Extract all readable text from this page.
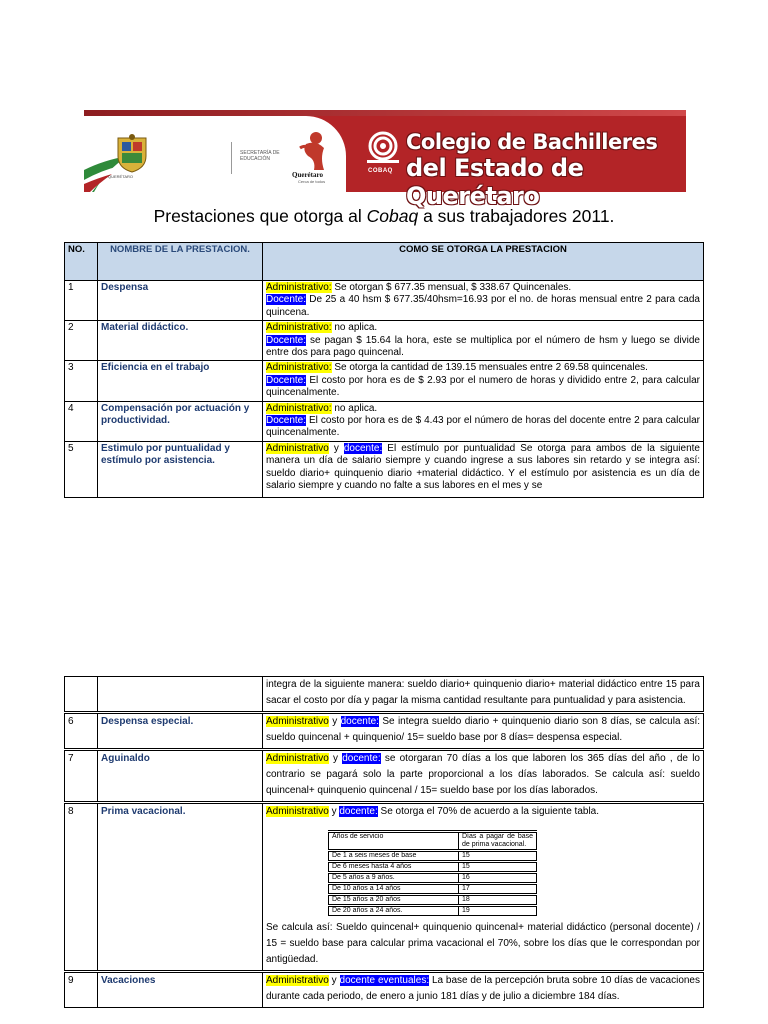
QUERÉTARO
SECRETARÍA DE EDUCACIÓN
Querétaro
Cerca de todos
COBAQ
Colegio de Bachilleres
del Estado de Querétaro
Prestaciones que otorga al Cobaq a sus trabajadores 2011.
NO.	NOMBRE DE LA PRESTACION.	COMO SE OTORGA LA PRESTACION
1	Despensa	Administrativo: Se otorgan $ 677.35 mensual, $ 338.67 Quincenales.
Docente: De 25 a 40 hsm $ 677.35/40hsm=16.93 por el no. de horas mensual entre 2 para cada quincena.
2	Material didáctico.	Administrativo: no aplica.
Docente: se pagan $ 15.64 la hora, este se multiplica por el número de hsm y luego se divide entre dos para pago quincenal.
3	Eficiencia en el trabajo	Administrativo: Se otorga la cantidad de 139.15 mensuales entre 2 69.58 quincenales.
Docente: El costo por hora es de $ 2.93 por el numero de horas y dividido entre 2, para calcular quincenalmente.
4	Compensación por actuación y productividad.	Administrativo: no aplica.
Docente: El costo por hora es de $ 4.43 por el número de horas del docente entre 2 para calcular quincenalmente.
5	Estimulo por puntualidad y estímulo por asistencia.	Administrativo y docente: El estímulo por puntualidad Se otorga para ambos de la siguiente manera un día de salario siempre y cuando ingrese a sus labores sin retardo y se integra así: sueldo diario+ quinquenio diario +material didáctico. Y el estímulo por asistencia es un día de salario siempre y cuando no falte a sus labores en el mes y se
		integra de la siguiente manera: sueldo diario+ quinquenio diario+ material didáctico entre 15 para sacar el costo por día y pagar la misma cantidad resultante para puntualidad y para asistencia.
6	Despensa especial.	Administrativo y docente: Se integra sueldo diario + quinquenio diario son 8 días, se calcula así: sueldo quincenal + quinquenio/ 15= sueldo base por 8 días= despensa especial.
7	Aguinaldo	Administrativo y docente: se otorgaran 70 días a los que laboren los 365 días del año , de lo contrario se pagará solo la parte proporcional a los días laborados. Se calcula así: sueldo quincenal+ quinquenio quincenal / 15= sueldo base por los días laborados.
8	Prima vacacional.	Administrativo y docente: Se otorga el 70% de acuerdo a la siguiente tabla.
Años de servicio	Días a pagar de base de prima vacacional.
De 1 a seis meses de base	15
De 6 meses hasta 4 años	15
De 5 años a 9 años.	16
De 10 años a 14 años	17
De 15 años a 20 años	18
De 20 años a 24 años.	19
Se calcula así: Sueldo quincenal+ quinquenio quincenal+ material didáctico (personal docente) / 15 = sueldo base para calcular prima vacacional el 70%, sobre los días que le correspondan por antigüedad.

9	Vacaciones	Administrativo y docente eventuales: La base de la percepción bruta sobre 10 días de vacaciones durante cada periodo, de enero a junio 181 días y de julio a diciembre 184 días.
